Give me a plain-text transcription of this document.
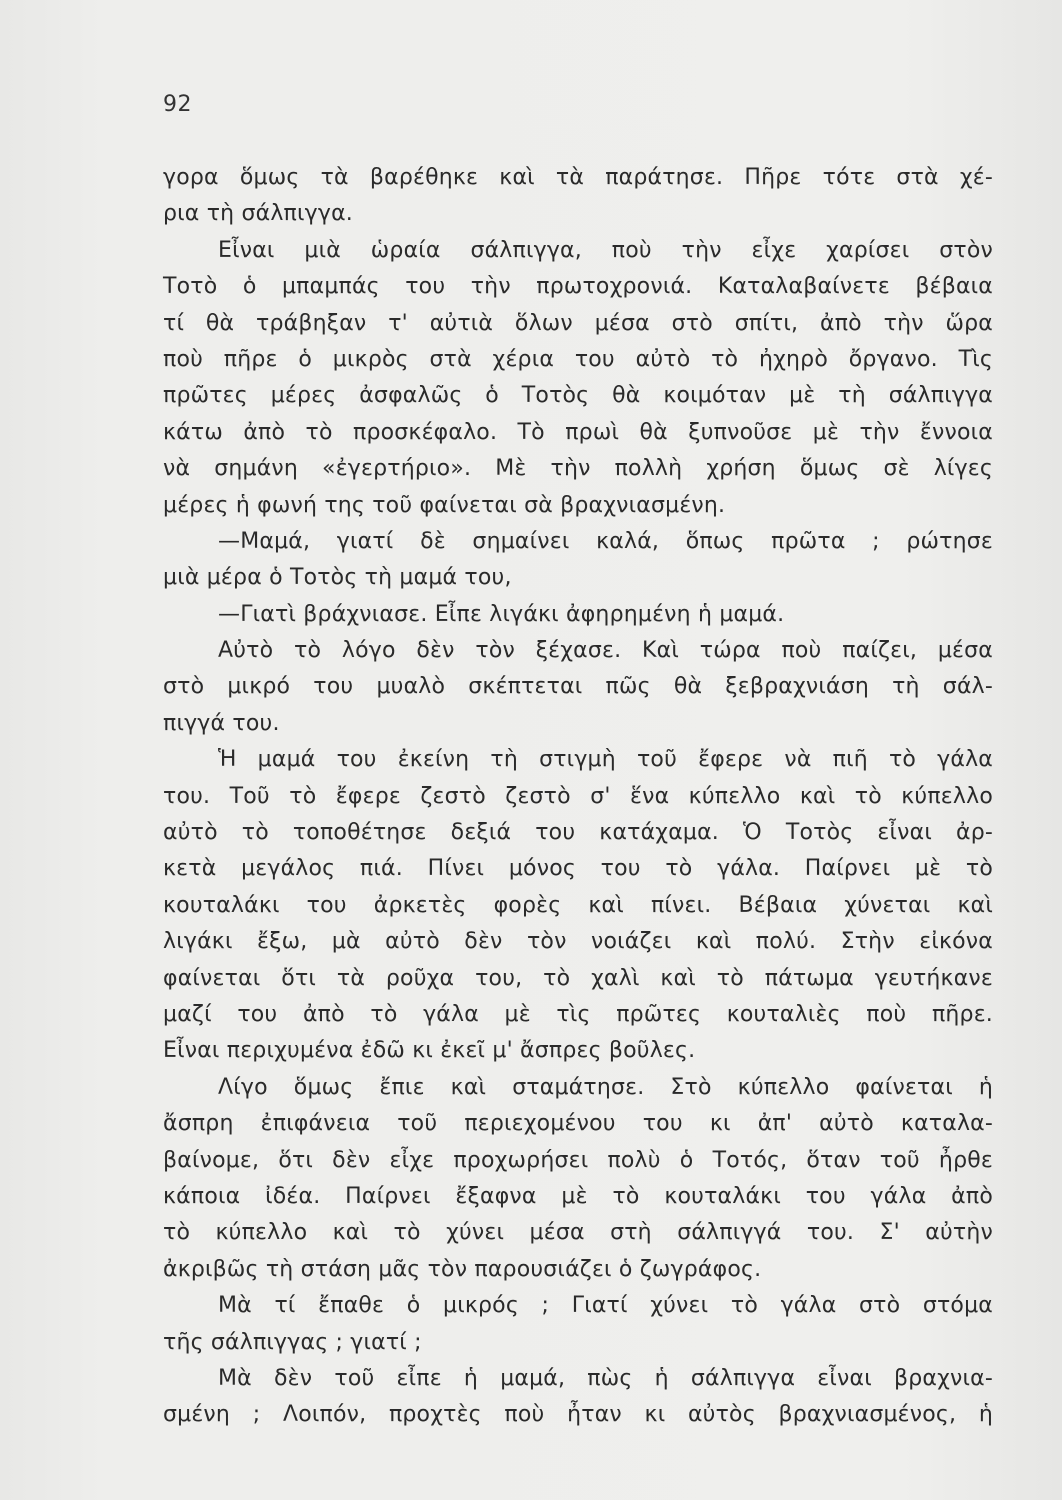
92
γορα ὅμως τὰ βαρέθηκε καὶ τὰ παράτησε. Πῆρε τότε στὰ χέ-
ρια τὴ σάλπιγγα.
Εἶναι μιὰ ὡραία σάλπιγγα, ποὺ τὴν εἶχε χαρίσει στὸν
Τοτὸ ὁ μπαμπάς του τὴν πρωτοχρονιά. Καταλαβαίνετε βέβαια
τί θὰ τράβηξαν τ' αὐτιὰ ὅλων μέσα στὸ σπίτι, ἀπὸ τὴν ὥρα
ποὺ πῆρε ὁ μικρὸς στὰ χέρια του αὐτὸ τὸ ἠχηρὸ ὄργανο. Τὶς
πρῶτες μέρες ἀσφαλῶς ὁ Τοτὸς θὰ κοιμόταν μὲ τὴ σάλπιγγα
κάτω ἀπὸ τὸ προσκέφαλο. Τὸ πρωὶ θὰ ξυπνοῦσε μὲ τὴν ἔννοια
νὰ σημάνη «ἐγερτήριο». Μὲ τὴν πολλὴ χρήση ὅμως σὲ λίγες
μέρες ἡ φωνή της τοῦ φαίνεται σὰ βραχνιασμένη.
—Μαμά, γιατί δὲ σημαίνει καλά, ὅπως πρῶτα ; ρώτησε
μιὰ μέρα ὁ Τοτὸς τὴ μαμά του,
—Γιατὶ βράχνιασε. Εἶπε λιγάκι ἀφηρημένη ἡ μαμά.
Αὐτὸ τὸ λόγο δὲν τὸν ξέχασε. Καὶ τώρα ποὺ παίζει, μέσα
στὸ μικρό του μυαλὸ σκέπτεται πῶς θὰ ξεβραχνιάση τὴ σάλ-
πιγγά του.
Ἡ μαμά του ἐκείνη τὴ στιγμὴ τοῦ ἔφερε νὰ πιῆ τὸ γάλα
του. Τοῦ τὸ ἔφερε ζεστὸ ζεστὸ σ' ἕνα κύπελλο καὶ τὸ κύπελλο
αὐτὸ τὸ τοποθέτησε δεξιά του κατάχαμα. Ὁ Τοτὸς εἶναι ἀρ-
κετὰ μεγάλος πιά. Πίνει μόνος του τὸ γάλα. Παίρνει μὲ τὸ
κουταλάκι του ἀρκετὲς φορὲς καὶ πίνει. Βέβαια χύνεται καὶ
λιγάκι ἔξω, μὰ αὐτὸ δὲν τὸν νοιάζει καὶ πολύ. Στὴν εἰκόνα
φαίνεται ὅτι τὰ ροῦχα του, τὸ χαλὶ καὶ τὸ πάτωμα γευτήκανε
μαζί του ἀπὸ τὸ γάλα μὲ τὶς πρῶτες κουταλιὲς ποὺ πῆρε.
Εἶναι περιχυμένα ἐδῶ κι ἐκεῖ μ' ἄσπρες βοῦλες.
Λίγο ὅμως ἔπιε καὶ σταμάτησε. Στὸ κύπελλο φαίνεται ἡ
ἄσπρη ἐπιφάνεια τοῦ περιεχομένου του κι ἀπ' αὐτὸ καταλα-
βαίνομε, ὅτι δὲν εἶχε προχωρήσει πολὺ ὁ Τοτός, ὅταν τοῦ ἦρθε
κάποια ἰδέα. Παίρνει ἔξαφνα μὲ τὸ κουταλάκι του γάλα ἀπὸ
τὸ κύπελλο καὶ τὸ χύνει μέσα στὴ σάλπιγγά του. Σ' αὐτὴν
ἀκριβῶς τὴ στάση μᾶς τὸν παρουσιάζει ὁ ζωγράφος.
Μὰ τί ἔπαθε ὁ μικρός ; Γιατί χύνει τὸ γάλα στὸ στόμα
τῆς σάλπιγγας ; γιατί ;
Μὰ δὲν τοῦ εἶπε ἡ μαμά, πὼς ἡ σάλπιγγα εἶναι βραχνια-
σμένη ; Λοιπόν, προχτὲς ποὺ ἦταν κι αὐτὸς βραχνιασμένος, ἡ
